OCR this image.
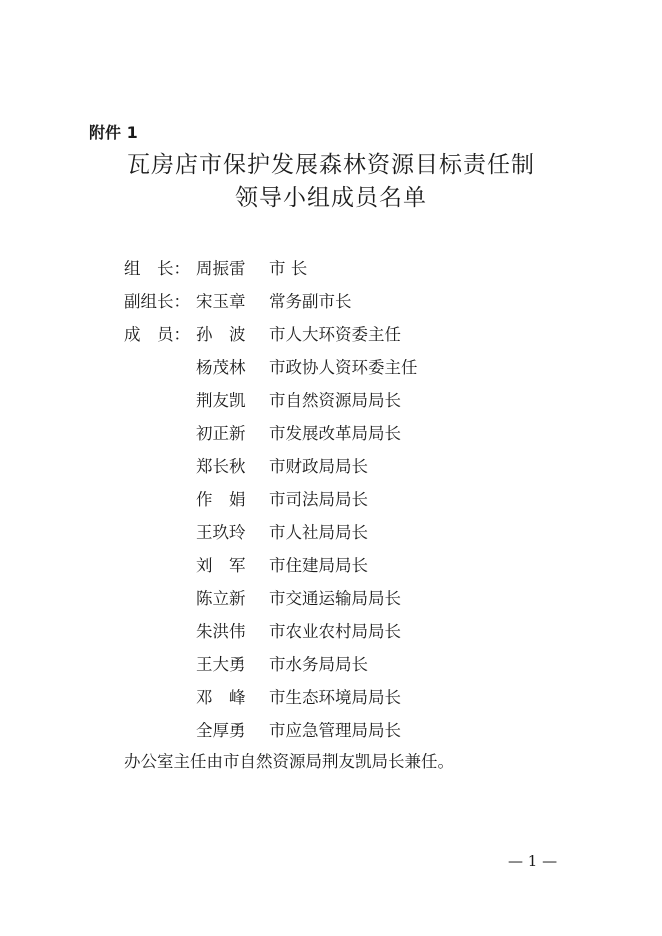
附件 1
瓦房店市保护发展森林资源目标责任制
领导小组成员名单
组　长： 周振雷	市 长
副组长： 宋玉章	常务副市长
成　员： 孙　波	市人大环资委主任
杨茂林	市政协人资环委主任
荆友凯	市自然资源局局长
初正新	市发展改革局局长
郑长秋	市财政局局长
作　娟	市司法局局长
王玖玲	市人社局局长
刘　军	市住建局局长
陈立新	市交通运输局局长
朱洪伟	市农业农村局局长
王大勇	市水务局局长
邓　峰	市生态环境局局长
全厚勇	市应急管理局局长
办公室主任由市自然资源局荆友凯局长兼任。
— 1 —
